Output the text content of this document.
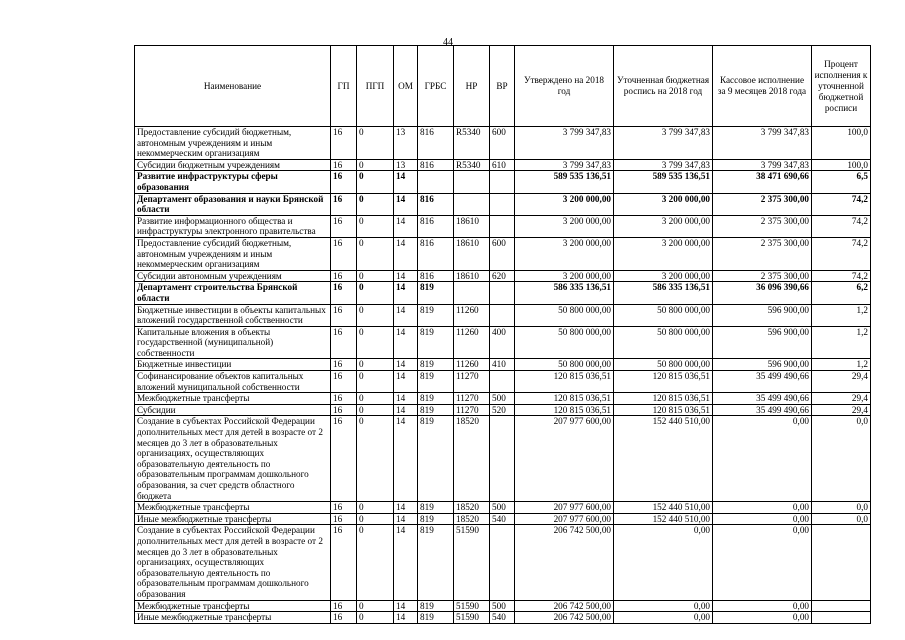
44
Наименование	ГП	ПГП	ОМ	ГРБС	НР	ВР	Утверждено на 2018 год	Уточненная бюджетная роспись на 2018 год	Кассовое исполнение за 9 месяцев 2018 года	Процент исполнения к уточненной бюджетной росписи
Предоставление субсидий бюджетным, автономным учреждениям и иным некоммерческим организациям	16	0	13	816	R5340	600	3 799 347,83	3 799 347,83	3 799 347,83	100,0
Субсидии бюджетным учреждениям	16	0	13	816	R5340	610	3 799 347,83	3 799 347,83	3 799 347,83	100,0
Развитие инфраструктуры сферы образования	16	0	14				589 535 136,51	589 535 136,51	38 471 690,66	6,5
Департамент образования и науки Брянской области	16	0	14	816			3 200 000,00	3 200 000,00	2 375 300,00	74,2
Развитие информационного общества и инфраструктуры электронного правительства	16	0	14	816	18610		3 200 000,00	3 200 000,00	2 375 300,00	74,2
Предоставление субсидий бюджетным, автономным учреждениям и иным некоммерческим организациям	16	0	14	816	18610	600	3 200 000,00	3 200 000,00	2 375 300,00	74,2
Субсидии автономным учреждениям	16	0	14	816	18610	620	3 200 000,00	3 200 000,00	2 375 300,00	74,2
Департамент строительства Брянской области	16	0	14	819			586 335 136,51	586 335 136,51	36 096 390,66	6,2
Бюджетные инвестиции в объекты капитальных вложений государственной собственности	16	0	14	819	11260		50 800 000,00	50 800 000,00	596 900,00	1,2
Капитальные вложения в объекты государственной (муниципальной) собственности	16	0	14	819	11260	400	50 800 000,00	50 800 000,00	596 900,00	1,2
Бюджетные инвестиции	16	0	14	819	11260	410	50 800 000,00	50 800 000,00	596 900,00	1,2
Софинансирование объектов капитальных вложений муниципальной собственности	16	0	14	819	11270		120 815 036,51	120 815 036,51	35 499 490,66	29,4
Межбюджетные трансферты	16	0	14	819	11270	500	120 815 036,51	120 815 036,51	35 499 490,66	29,4
Субсидии	16	0	14	819	11270	520	120 815 036,51	120 815 036,51	35 499 490,66	29,4
Создание в субъектах Российской Федерации дополнительных мест для детей в возрасте от 2 месяцев до 3 лет в образовательных организациях, осуществляющих образовательную деятельность по образовательным программам дошкольного образования, за счет средств областного бюджета	16	0	14	819	18520		207 977 600,00	152 440 510,00	0,00	0,0
Межбюджетные трансферты	16	0	14	819	18520	500	207 977 600,00	152 440 510,00	0,00	0,0
Иные межбюджетные трансферты	16	0	14	819	18520	540	207 977 600,00	152 440 510,00	0,00	0,0
Создание в субъектах Российской Федерации дополнительных мест для детей в возрасте от 2 месяцев до 3 лет в образовательных организациях, осуществляющих образовательную деятельность по образовательным программам дошкольного образования	16	0	14	819	51590		206 742 500,00	0,00	0,00	
Межбюджетные трансферты	16	0	14	819	51590	500	206 742 500,00	0,00	0,00	
Иные межбюджетные трансферты	16	0	14	819	51590	540	206 742 500,00	0,00	0,00	
